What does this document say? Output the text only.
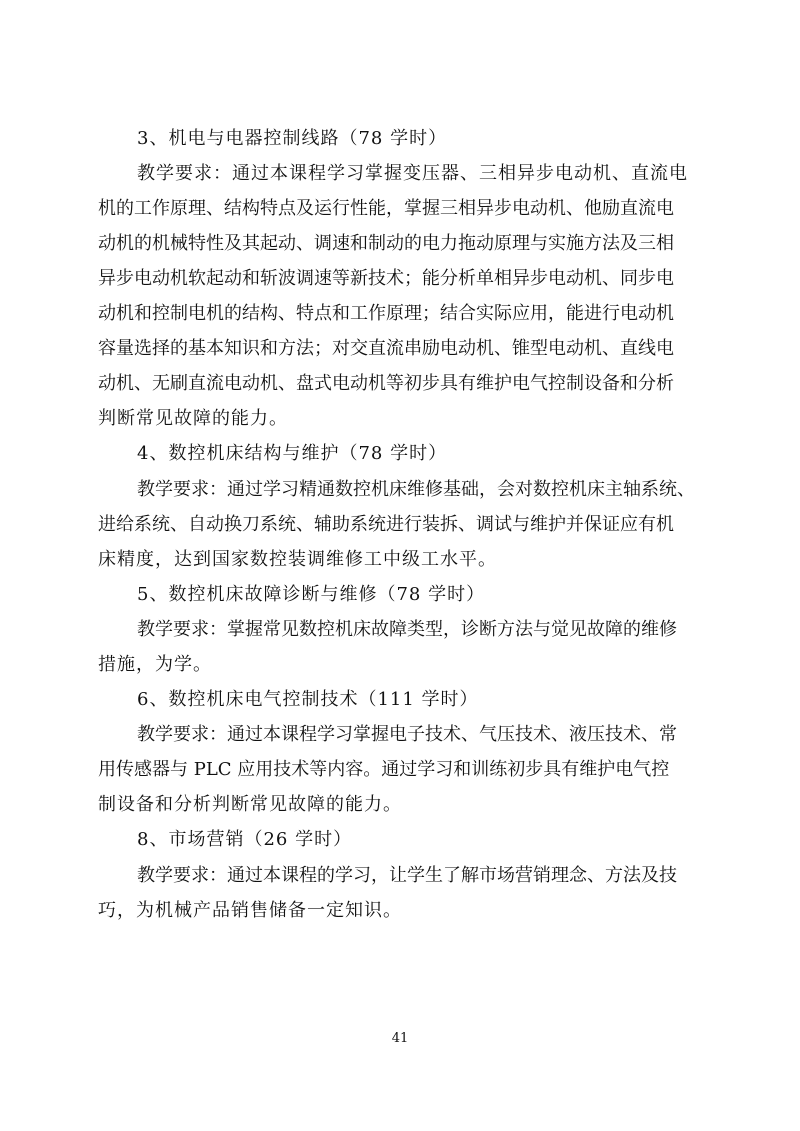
3、机电与电器控制线路（78 学时）

教学要求：通过本课程学习掌握变压器、三相异步电动机、直流电

机的工作原理、结构特点及运行性能，掌握三相异步电动机、他励直流电

动机的机械特性及其起动、调速和制动的电力拖动原理与实施方法及三相

异步电动机软起动和斩波调速等新技术；能分析单相异步电动机、同步电

动机和控制电机的结构、特点和工作原理；结合实际应用，能进行电动机

容量选择的基本知识和方法；对交直流串励电动机、锥型电动机、直线电

动机、无刷直流电动机、盘式电动机等初步具有维护电气控制设备和分析

判断常见故障的能力。

4、数控机床结构与维护（78 学时）

教学要求：通过学习精通数控机床维修基础，会对数控机床主轴系统、

进给系统、自动换刀系统、辅助系统进行装拆、调试与维护并保证应有机

床精度，达到国家数控装调维修工中级工水平。

5、数控机床故障诊断与维修（78 学时）

教学要求：掌握常见数控机床故障类型，诊断方法与觉见故障的维修

措施，为学。

6、数控机床电气控制技术（111 学时）

教学要求：通过本课程学习掌握电子技术、气压技术、液压技术、常

用传感器与 PLC 应用技术等内容。通过学习和训练初步具有维护电气控

制设备和分析判断常见故障的能力。

8、市场营销（26 学时）

教学要求：通过本课程的学习，让学生了解市场营销理念、方法及技

巧，为机械产品销售储备一定知识。

41
